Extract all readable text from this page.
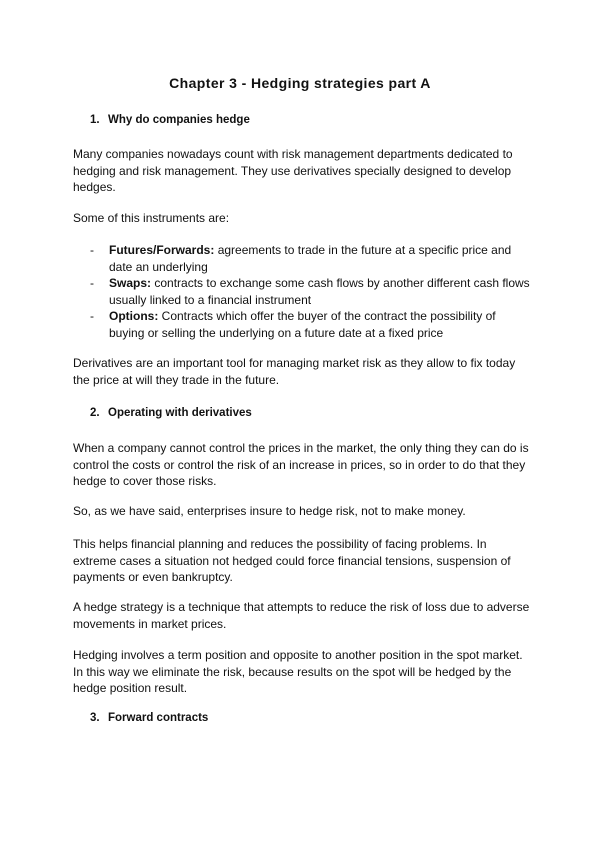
Chapter 3 - Hedging strategies part A
1. Why do companies hedge

Many companies nowadays count with risk management departments dedicated to hedging and risk management. They use derivatives specially designed to develop hedges.

Some of this instruments are:

- Futures/Forwards: agreements to trade in the future at a specific price and date an underlying
- Swaps: contracts to exchange some cash flows by another different cash flows usually linked to a financial instrument
- Options: Contracts which offer the buyer of the contract the possibility of buying or selling the underlying on a future date at a fixed price

Derivatives are an important tool for managing market risk as they allow to fix today the price at will they trade in the future.

2. Operating with derivatives

When a company cannot control the prices in the market, the only thing they can do is control the costs or control the risk of an increase in prices, so in order to do that they hedge to cover those risks.

So, as we have said, enterprises insure to hedge risk, not to make money.

This helps financial planning and reduces the possibility of facing problems. In extreme cases a situation not hedged could force financial tensions, suspension of payments or even bankruptcy.

A hedge strategy is a technique that attempts to reduce the risk of loss due to adverse movements in market prices.

Hedging involves a term position and opposite to another position in the spot market. In this way we eliminate the risk, because results on the spot will be hedged by the hedge position result.

3. Forward contracts
